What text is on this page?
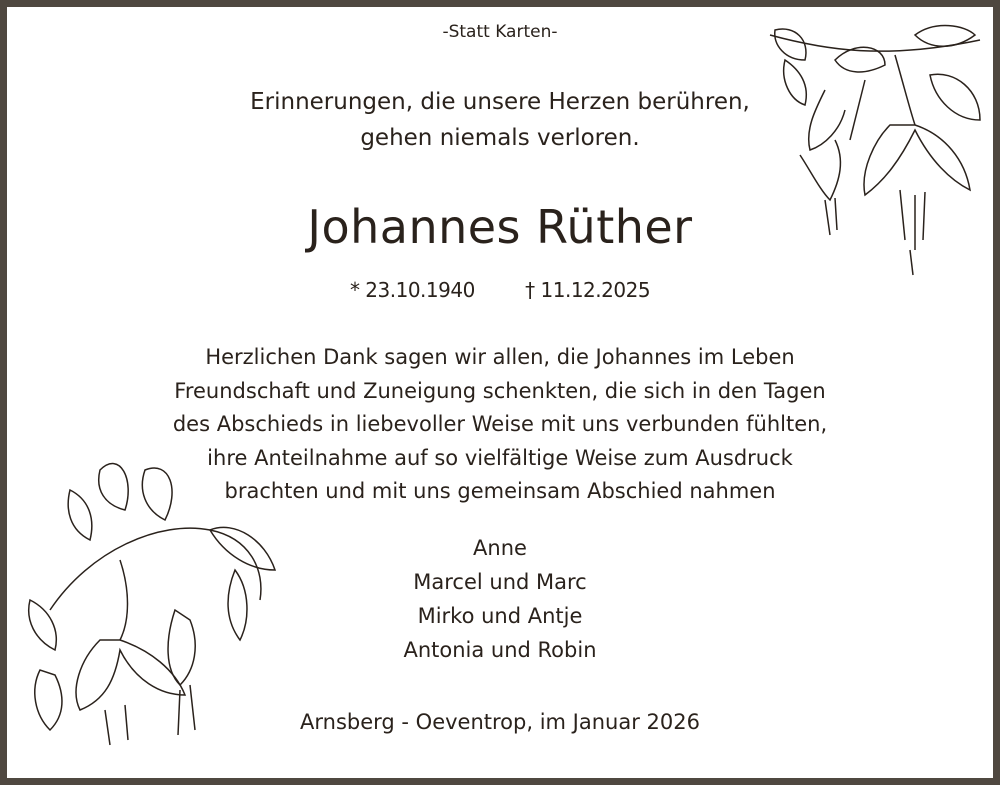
-Statt Karten-
Erinnerungen, die unsere Herzen berühren,
gehen niemals verloren.
Johannes Rüther
* 23.10.1940	† 11.12.2025
Herzlichen Dank sagen wir allen, die Johannes im Leben
Freundschaft und Zuneigung schenkten, die sich in den Tagen
des Abschieds in liebevoller Weise mit uns verbunden fühlten,
ihre Anteilnahme auf so vielfältige Weise zum Ausdruck
brachten und mit uns gemeinsam Abschied nahmen
Anne
Marcel und Marc
Mirko und Antje
Antonia und Robin
Arnsberg - Oeventrop, im Januar 2026
